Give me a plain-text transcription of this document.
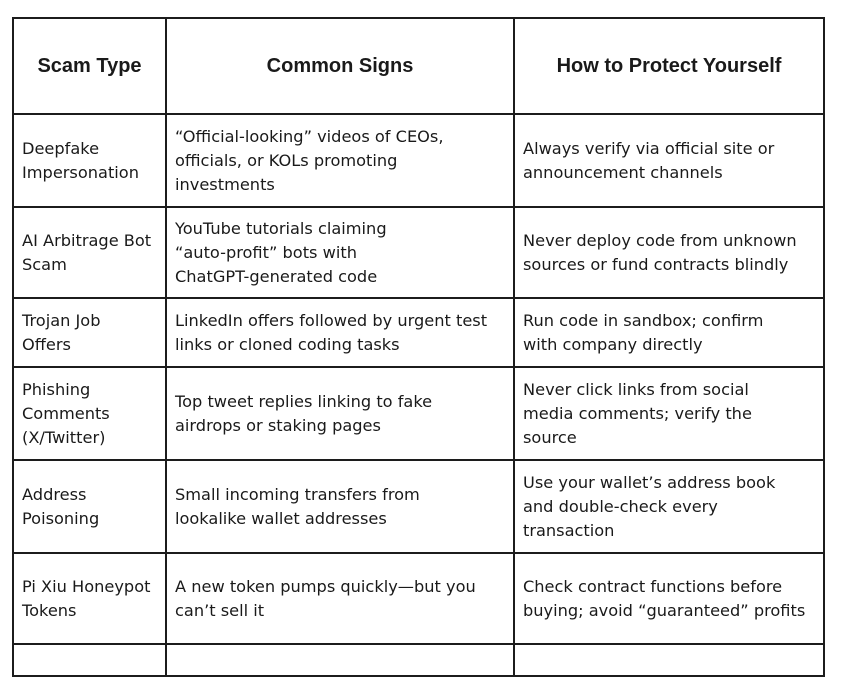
Scam Type	Common Signs	How to Protect Yourself
Deepfake Impersonation	“Official-looking” videos of CEOs, officials, or KOLs promoting investments	Always verify via official site or announcement channels
AI Arbitrage Bot Scam	YouTube tutorials claiming “auto-profit” bots with ChatGPT-generated code	Never deploy code from unknown sources or fund contracts blindly
Trojan Job Offers	LinkedIn offers followed by urgent test links or cloned coding tasks	Run code in sandbox; confirm with company directly
Phishing Comments (X/Twitter)	Top tweet replies linking to fake airdrops or staking pages	Never click links from social media comments; verify the source
Address Poisoning	Small incoming transfers from lookalike wallet addresses	Use your wallet’s address book and double-check every transaction
Pi Xiu Honeypot Tokens	A new token pumps quickly—but you can’t sell it	Check contract functions before buying; avoid “guaranteed” profits
